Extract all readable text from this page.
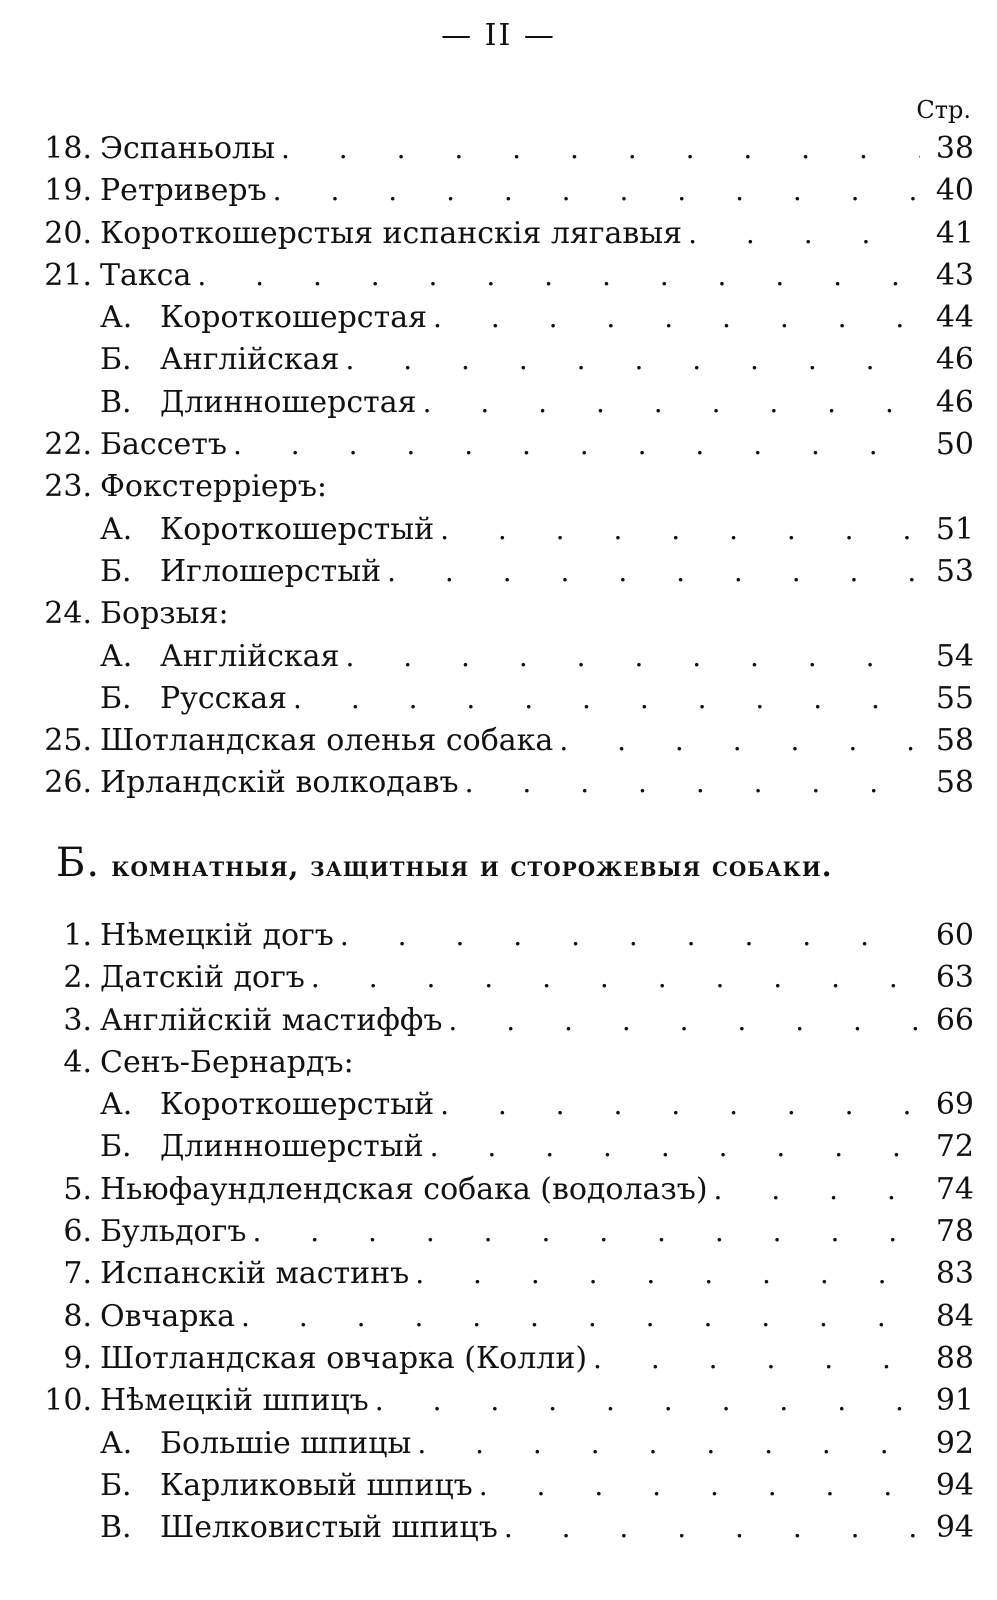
— II —
Стр.
18. Эспаньолы . . .	38
19. Ретриверъ . . .	40
20. Короткошерстыя испанскія лягавыя . . .	41
21. Такса . . .	43
А. Короткошерстая . . .	44
Б. Англійская . . .	46
В. Длинношерстая . . .	46
22. Бассетъ . . .	50
23. Фокстерріеръ:
А. Короткошерстый . . .	51
Б. Иглошерстый . . .	53
24. Борзыя:
А. Англійская . . .	54
Б. Русская . . .	55
25. Шотландская оленья собака . . .	58
26. Ирландскій волкодавъ . . .	58
Б. комнатныя, защитныя и сторожевыя собаки.
1. Нѣмецкій догъ . . .	60
2. Датскій догъ . . .	63
3. Англійскій мастиффъ . . .	66
4. Сенъ-Бернардъ:
А. Короткошерстый . . .	69
Б. Длинношерстый . . .	72
5. Ньюфаундлендская собака (водолазъ) . . .	74
6. Бульдогъ . . .	78
7. Испанскій мастинъ . . .	83
8. Овчарка . . .	84
9. Шотландская овчарка (Колли) . . .	88
10. Нѣмецкій шпицъ . . .	91
А. Большіе шпицы . . .	92
Б. Карликовый шпицъ . . .	94
В. Шелковистый шпицъ . . .	94
